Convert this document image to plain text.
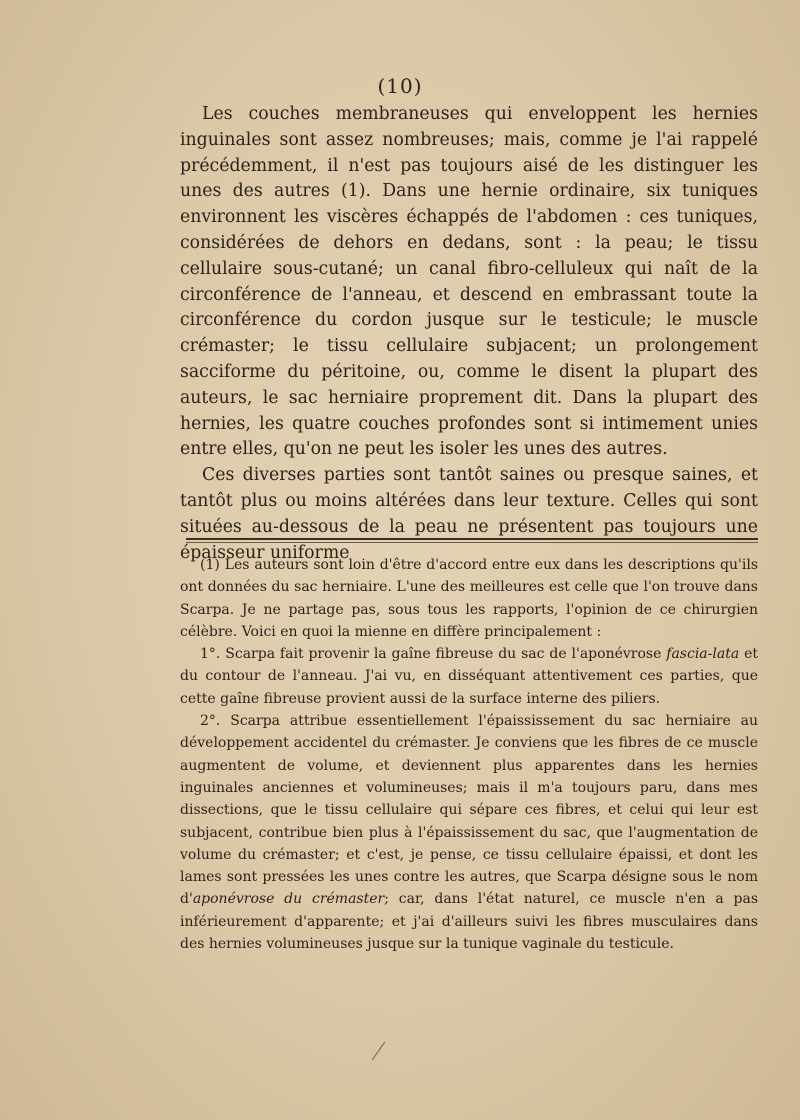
(10)

Les couches membraneuses qui enveloppent les hernies inguinales sont assez nombreuses; mais, comme je l'ai rappelé précédemment, il n'est pas toujours aisé de les distinguer les unes des autres (1). Dans une hernie ordinaire, six tuniques environnent les viscères échappés de l'abdomen : ces tuniques, considérées de dehors en dedans, sont : la peau; le tissu cellulaire sous-cutané; un canal fibro-celluleux qui naît de la circonférence de l'anneau, et descend en embrassant toute la circonférence du cordon jusque sur le testicule; le muscle crémaster; le tissu cellulaire subjacent; un prolongement sacciforme du péritoine, ou, comme le disent la plupart des auteurs, le sac herniaire proprement dit. Dans la plupart des hernies, les quatre couches profondes sont si intimement unies entre elles, qu'on ne peut les isoler les unes des autres.

Ces diverses parties sont tantôt saines ou presque saines, et tantôt plus ou moins altérées dans leur texture. Celles qui sont situées au-dessous de la peau ne présentent pas toujours une épaisseur uniforme

(1) Les auteurs sont loin d'être d'accord entre eux dans les descriptions qu'ils ont données du sac herniaire. L'une des meilleures est celle que l'on trouve dans Scarpa. Je ne partage pas, sous tous les rapports, l'opinion de ce chirurgien célèbre. Voici en quoi la mienne en diffère principalement :

1°. Scarpa fait provenir la gaîne fibreuse du sac de l'aponévrose fascia-lata et du contour de l'anneau. J'ai vu, en disséquant attentivement ces parties, que cette gaîne fibreuse provient aussi de la surface interne des piliers.

2°. Scarpa attribue essentiellement l'épaississement du sac herniaire au développement accidentel du crémaster. Je conviens que les fibres de ce muscle augmentent de volume, et deviennent plus apparentes dans les hernies inguinales anciennes et volumineuses; mais il m'a toujours paru, dans mes dissections, que le tissu cellulaire qui sépare ces fibres, et celui qui leur est subjacent, contribue bien plus à l'épaississement du sac, que l'augmentation de volume du crémaster; et c'est, je pense, ce tissu cellulaire épaissi, et dont les lames sont pressées les unes contre les autres, que Scarpa désigne sous le nom d'aponévrose du crémaster; car, dans l'état naturel, ce muscle n'en a pas inférieurement d'apparente; et j'ai d'ailleurs suivi les fibres musculaires dans des hernies volumineuses jusque sur la tunique vaginale du testicule.
